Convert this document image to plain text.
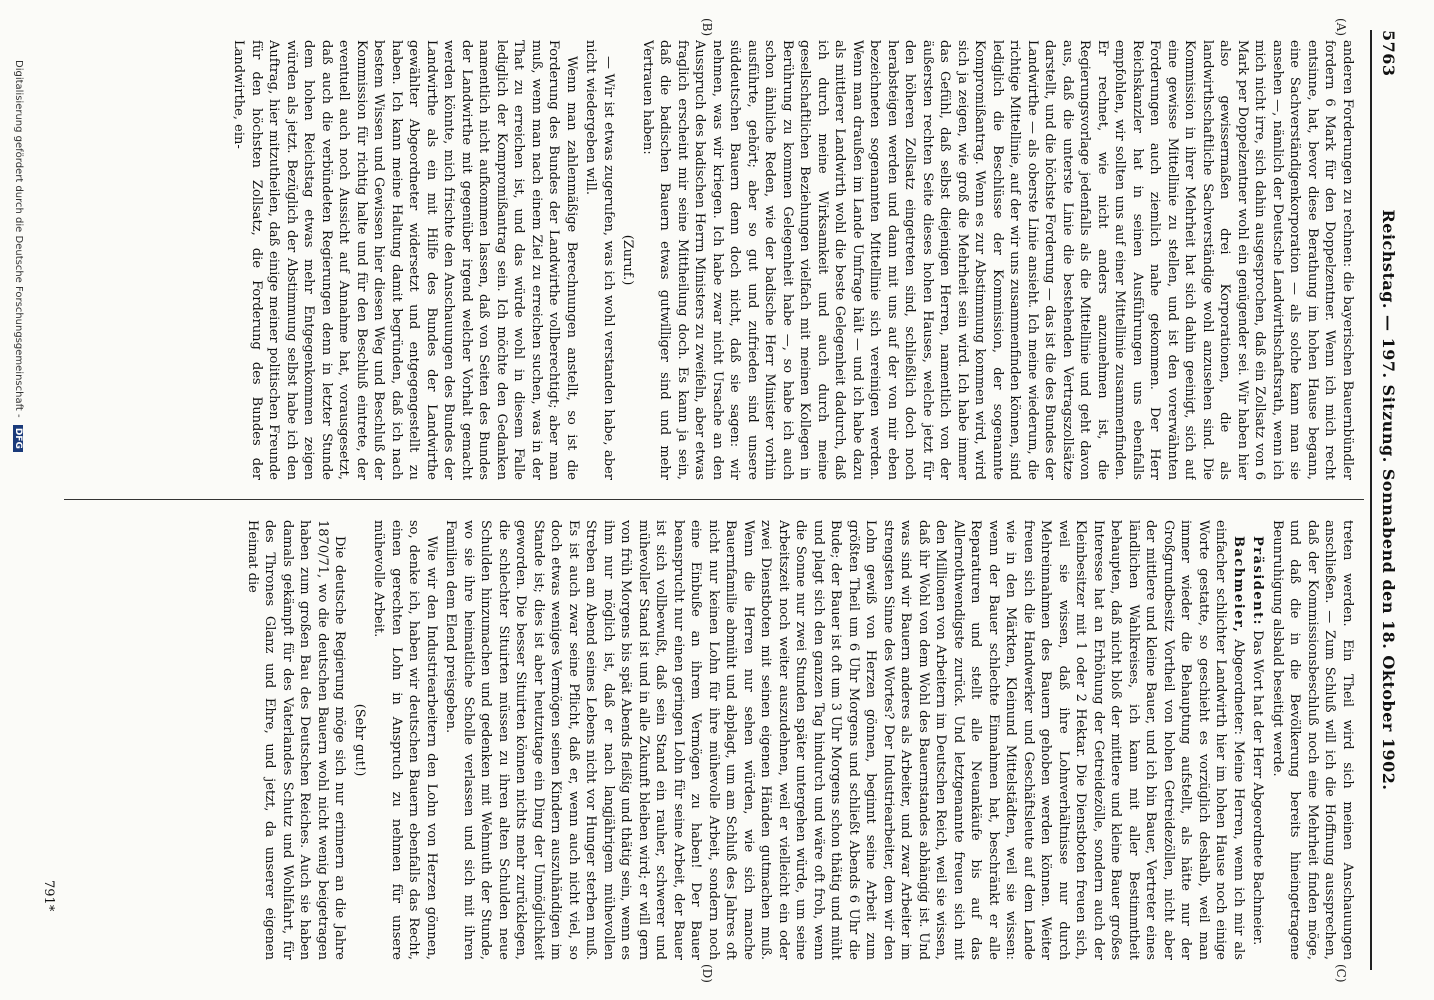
Reichstag. — 197. Sitzung. Sonnabend den 18. Oktober 1902.
5763
(A)
(B)
(C)
(D)

anderen Forderungen zu rechnen: die bayerischen Bauernbündler fordern 6 Mark für den Doppelzentner. Wenn ich mich recht entsinne, hat, bevor diese Berathung im hohen Hause begann, eine Sachverständigenkorporation — als solche kann man sie ansehen —, nämlich der Deutsche Landwirthschaftsrath, wenn ich mich nicht irre, sich dahin ausgesprochen, daß ein Zollsatz von 6 Mark per Doppelzentner wohl ein genügender sei. Wir haben hier also gewissermaßen drei Korporationen, die als landwirthschaftliche Sachverständige wohl anzusehen sind. Die Kommission in ihrer Mehrheit hat sich dahin geeinigt, sich auf eine gewisse Mittellinie zu stellen, und ist den vorerwähnten Forderungen auch ziemlich nahe gekommen. Der Herr Reichskanzler hat in seinen Ausführungen uns ebenfalls empfohlen, wir sollten uns auf einer Mittellinie zusammenfinden. Er rechnet, wie nicht anders anzunehmen ist, die Regierungsvorlage jedenfalls als die Mittellinie und geht davon aus, daß die unterste Linie die bestehenden Vertragszollsätze darstellt, und die höchste Forderung — das ist die des Bundes der Landwirthe — als oberste Linie ansieht. Ich meine wiederum, die richtige Mittellinie, auf der wir uns zusammenfinden können, sind lediglich die Beschlüsse der Kommission, der sogenannte Kompromißantrag. Wenn es zur Abstimmung kommen wird, wird sich ja zeigen, wie groß die Mehrheit sein wird. Ich habe immer das Gefühl, daß selbst diejenigen Herren, namentlich von der äußersten rechten Seite dieses hohen Hauses, welche jetzt für den höheren Zollsatz eingetreten sind, schließlich doch noch herabsteigen werden und dann mit uns auf der von mir eben bezeichneten sogenannten Mittellinie sich vereinigen werden. Wenn man draußen im Lande Umfrage hält — und ich habe dazu als mittlerer Landwirth wohl die beste Gelegenheit dadurch, daß ich durch meine Wirksamkeit und auch durch meine gesellschaftlichen Beziehungen vielfach mit meinen Kollegen in Berührung zu kommen Gelegenheit habe —, so habe ich auch schon ähnliche Reden, wie der badische Herr Minister vorhin ausführte, gehört; aber so gut und zufrieden sind unsere süddeutschen Bauern denn doch nicht, daß sie sagen: wir nehmen, was wir kriegen. Ich habe zwar nicht Ursache an den Ausspruch des badischen Herrn Ministers zu zweifeln, aber etwas fraglich erscheint mir seine Mittheilung doch. Es kann ja sein, daß die badischen Bauern etwas gutwilliger sind und mehr Vertrauen haben:

(Zuruf.)

— Wir ist etwas zugerufen, was ich wohl verstanden habe, aber nicht wiedergeben will.

Wenn man zahlenmäßige Berechnungen anstellt, so ist die Forderung des Bundes der Landwirthe vollberechtigt; aber man muß, wenn man nach einem Ziel zu erreichen suchen, was in der That zu erreichen ist, und das würde wohl in diesem Falle lediglich der Kompromißantrag sein. Ich möchte den Gedanken namentlich nicht aufkommen lassen, daß von Seiten des Bundes der Landwirthe mit gegenüber irgend welcher Vorhalt gemacht werden könnte, mich frischte den Anschauungen des Bundes der Landwirthe als ein mit Hilfe des Bundes der Landwirthe gewählter Abgeordneter widersetzt und entgegengestellt zu haben. Ich kann meine Haltung damit begründen, daß ich nach bestem Wissen und Gewissen hier diesen Weg und Beschluß der Kommission für richtig halte und für den Beschluß eintrete, der eventuell auch noch Aussicht auf Annahme hat, vorausgesetzt, daß auch die verbündeten Regierungen denn in letzter Stunde dem hohen Reichstag etwas mehr Entgegenkommen zeigen würden als jetzt. Bezüglich der Abstimmung selbst habe ich den Auftrag, hier mitzutheilen, daß einige meiner politischen Freunde für den höchsten Zollsatz, die Forderung des Bundes der Landwirthe, ein-

treten werden. Ein Theil wird sich meinen Anschauungen anschließen. — Zum Schluß will ich die Hoffnung aussprechen, daß der Kommissionsbeschluß noch eine Mehrheit finden möge, und daß die in die Bevölkerung bereits hineingetragene Beunruhigung alsbald beseitigt werde.

Präsident: Das Wort hat der Herr Abgeordnete Bachmeier.

Bachmeier, Abgeordneter: Meine Herren, wenn ich mir als einfacher schlichter Landwirth hier im hohen Hause noch einige Worte gestatte, so geschieht es vorzüglich deshalb, weil man immer wieder die Behauptung aufstellt, als hätte nur der Großgrundbesitz Vortheil von hohen Getreidezöllen, nicht aber der mittlere und kleine Bauer, und ich bin Bauer, Vertreter eines ländlichen Wahlkreises, ich kann mit aller Bestimmtheit behaupten, daß nicht bloß der mittlere und kleine Bauer großes Interesse hat an Erhöhung der Getreidezölle, sondern auch der Kleinbesitzer mit 1 oder 2 Hektar. Die Dienstboten freuen sich, weil sie wissen, daß ihre Lohnverhältnisse nur durch Mehreinnahmen des Bauern gehoben werden können. Weiter freuen sich die Handwerker und Geschäftsleute auf dem Lande wie in den Märkten, Kleinund Mittelstädten, weil sie wissen: wenn der Bauer schlechte Einnahmen hat, beschränkt er alle Reparaturen und stellt alle Neuankäufe bis auf das Allernothwendigste zurück. Und letztgenannte freuen sich mit den Millionen von Arbeitern im Deutschen Reich, weil sie wissen, daß ihr Wohl von dem Wohl des Bauernstandes abhängig ist. Und was sind wir Bauern anderes als Arbeiter, und zwar Arbeiter im strengsten Sinne des Wortes? Der Industriearbeiter, dem wir den Lohn gewiß von Herzen gönnen, beginnt seine Arbeit zum größten Theil um 6 Uhr Morgens und schließt Abends 6 Uhr die Bude; der Bauer ist oft um 3 Uhr Morgens schon thätig und müht und plagt sich den ganzen Tag hindurch und wäre oft froh, wenn die Sonne nur zwei Stunden später untergehen würde, um seine Arbeitszeit noch weiter auszudehnen, weil er vielleicht ein oder zwei Dienstboten mit seinen eigenen Händen gutmachen muß. Wenn die Herren nur sehen würden, wie sich manche Bauernfamilie abmüht und abplagt, um am Schluß des Jahres oft nicht nur keinen Lohn für ihre mühevolle Arbeit, sondern noch eine Einbuße an ihrem Vermögen zu haben! Der Bauer beansprucht nur einen geringen Lohn für seine Arbeit, der Bauer ist sich vollbewußt, daß sein Stand ein rauher, schwerer und mühevoller Stand ist und in alle Zukunft bleiben wird; er will gern von früh Morgens bis spät Abends fleißig und thätig sein, wenn es ihm nur möglich ist, daß er nach langjährigem mühevollen Streben am Abend seines Lebens nicht vor Hunger sterben muß. Es ist auch zwar seine Pflicht, daß er, wenn auch nicht viel, so doch etwas weniges Vermögen seinen Kindern auszuhändigen im Stande ist; dies ist aber heutzutage ein Ding der Unmöglichkeit geworden. Die besser Situirten können nichts mehr zurücklegen, die schlechter Situirten müssen zu ihren alten Schulden neue Schulden hinzumachen und gedenken mit Wehmuth der Stunde, wo sie ihre heimatliche Scholle verlassen und sich mit ihren Familien dem Elend preisgeben.

Wie wir den Industriearbeitern den Lohn von Herzen gönnen, so, denke ich, haben wir deutschen Bauern ebenfalls das Recht, einen gerechten Lohn in Anspruch zu nehmen für unsere mühevolle Arbeit.

(Sehr gut!)

Die deutsche Regierung möge sich nur erinnern an die Jahre 1870/71, wo die deutschen Bauern wohl nicht wenig beigetragen haben zum großen Bau des Deutschen Reiches. Auch sie haben damals gekämpft für des Vaterlandes Schutz und Wohlfahrt, für des Thrones Glanz und Ehre, und jetzt, da unserer eigenen Heimat die

791*
Digitalisierung gefördert durch die Deutsche Forschungsgemeinschaft - DFG
